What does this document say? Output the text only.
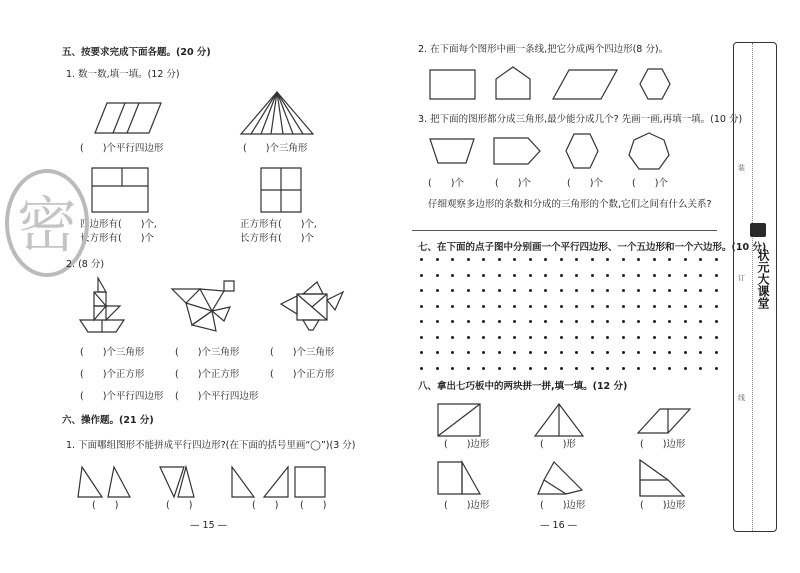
五、按要求完成下面各题。(20 分)
1. 数一数,填一填。(12 分)
(　　)个平行四边形	(　　)个三角形
四边形有(　　)个,
长方形有(　　)个
正方形有(　　)个,
长方形有(　　)个
密
2. (8 分)
(　　)个三角形	(　　)个三角形	(　　)个三角形
(　　)个正方形	(　　)个正方形	(　　)个正方形
(　　)个平行四边形 (　　)个平行四边形
六、操作题。(21 分)
1. 下面哪组图形不能拼成平行四边形?(在下面的括号里画“◯”)(3 分)
(　　)	(　　)	(　　) (　　)
— 15 —
2. 在下面每个图形中画一条线,把它分成两个四边形(8 分)。
3. 把下面的图形都分成三角形,最少能分成几个? 先画一画,再填一填。(10 分)
(　　)个	(　　)个	(　　)个	(　　)个
仔细观察多边形的条数和分成的三角形的个数,它们之间有什么关系?
七、在下面的点子图中分别画一个平行四边形、一个五边形和一个六边形。(10 分)
八、拿出七巧板中的两块拼一拼,填一填。(12 分)
(　　)边形	(　　)形	(　　)边形
(　　)边形	(　　)边形	(　　)边形
— 16 —
装
订
线
状元大课堂
